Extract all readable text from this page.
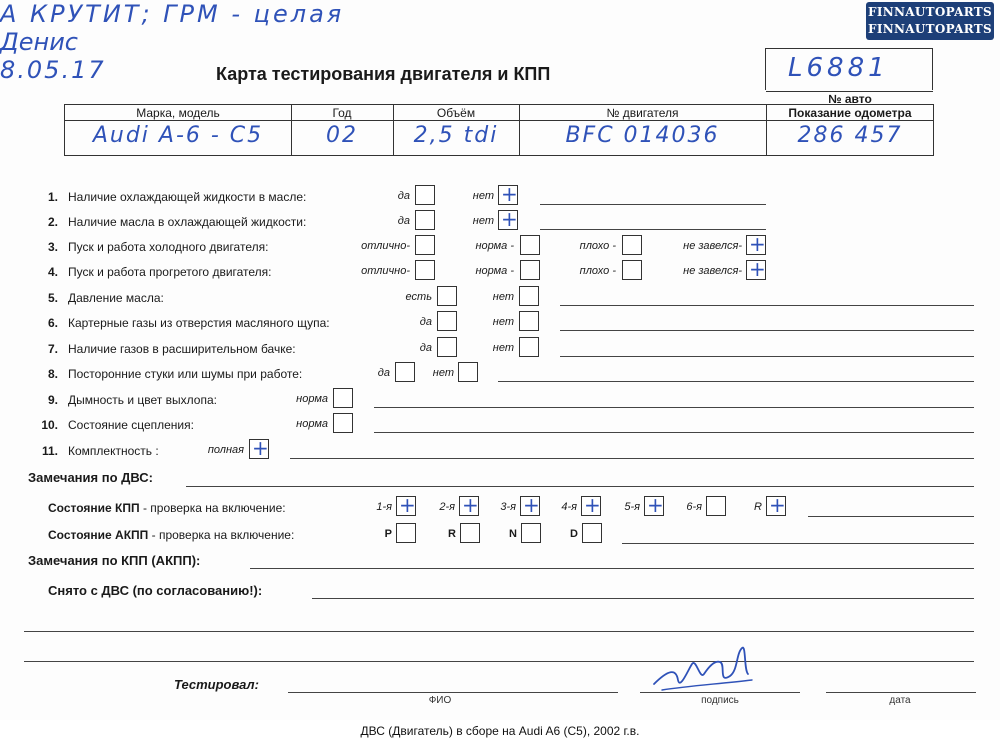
FINNAUTOPARTS
FINNAUTOPARTS
Карта тестирования двигателя и КПП	L6881
№ авто
Марка, модель	Год	Объём	№ двигателя	Показание одометра
Audi A-6 - C5	02	2,5 tdi	BFC 014036	286 457
1. Наличие охлаждающей жидкости в масле:	да	нет +
2. Наличие масла в охлаждающей жидкости:	да	нет +
3. Пуск и работа холодного двигателя:	отлично-	норма -	плохо -	не завелся- +
4. Пуск и работа прогретого двигателя:	отлично-	норма -	плохо -	не завелся- +
5. Давление масла:	есть	нет
6. Картерные газы из отверстия масляного щупа:	да	нет
7. Наличие газов в расширительном бачке:	да	нет
8. Посторонние стуки или шумы при работе:	да	нет
9. Дымность и цвет выхлопа:	норма
10. Состояние сцепления:	норма
11. Комплектность :	полная +
Замечания по ДВС:
А КРУТИТ; ГРМ - целая
Состояние КПП - проверка на включение:	1-я +	2-я +	3-я +	4-я +	5-я +	6-я	R +
Состояние АКПП - проверка на включение:	P	R	N	D
Замечания по КПП (АКПП):
Снято с ДВС (по согласованию!):
Тестировал:
Денис
ФИО	подпись
8.05.17
дата
ДВС (Двигатель) в сборе на Audi A6 (C5), 2002 г.в.
